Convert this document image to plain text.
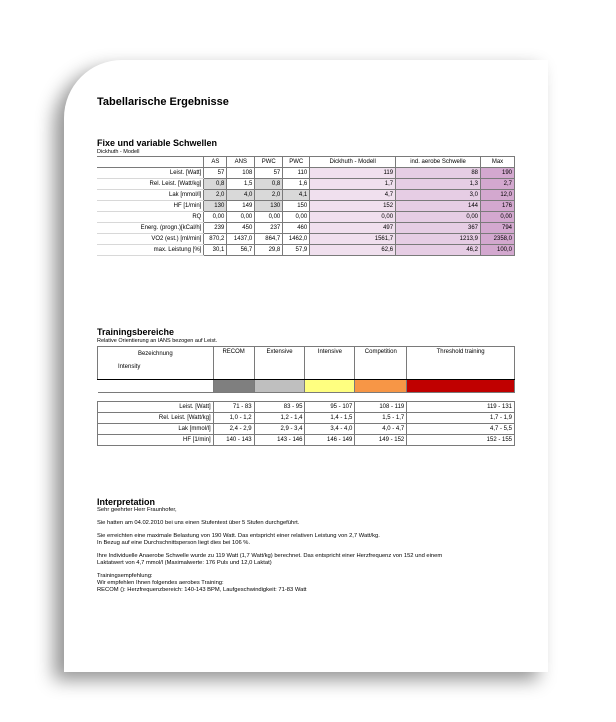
Tabellarische Ergebnisse
Fixe und variable Schwellen
Dickhuth - Modell
	AS	ANS	PWC	PWC	Dickhuth - Modell	ind. aerobe Schwelle	Max
Leist. [Watt]	57	108	57	110	119	88	190
Rel. Leist. [Watt/kg]	0,8	1,5	0,8	1,6	1,7	1,3	2,7
Lak [mmol/l]	2,0	4,0	2,0	4,1	4,7	3,0	12,0
HF [1/min]	130	149	130	150	152	144	176
RQ	0,00	0,00	0,00	0,00	0,00	0,00	0,00
Energ. (progn.)[kCal/h]	239	450	237	460	497	367	794
VO2 (est.) [ml/min]	870,2	1437,0	864,7	1462,0	1561,7	1213,9	2358,0
max. Leistung [%]	30,1	56,7	29,8	57,9	62,6	46,2	100,0
Trainingsbereiche
Relative Orientierung an IANS bezogen auf Leist.
Bezeichnung
Intensity	RECOM	Extensive	Intensive	Competition	Threshold training

Leist. [Watt]	71 - 83	83 - 95	95 - 107	108 - 119	119 - 131
Rel. Leist. [Watt/kg]	1,0 - 1,2	1,2 - 1,4	1,4 - 1,5	1,5 - 1,7	1,7 - 1,9
Lak [mmol/l]	2,4 - 2,9	2,9 - 3,4	3,4 - 4,0	4,0 - 4,7	4,7 - 5,5
HF [1/min]	140 - 143	143 - 146	146 - 149	149 - 152	152 - 155
Interpretation

Sehr geehrter Herr Fraunhofer,

Sie hatten am 04.02.2010 bei uns einen Stufentest über 5 Stufen durchgeführt.

Sie erreichten eine maximale Belastung von 190 Watt. Das entspricht einer relativen Leistung von 2,7 Watt/kg.
In Bezug auf eine Durchschnittsperson liegt dies bei 106 %.

Ihre Individuelle Anaerobe Schwelle wurde zu 119 Watt (1,7 Watt/kg) berechnet. Das entspricht einer Herzfrequenz von 152 und einem
Laktatwert von 4,7 mmol/l (Maximalwerte: 176 Puls und 12,0 Laktat)

Trainingsempfehlung:
Wir empfehlen Ihnen folgendes aerobes Training:
RECOM (): Herzfrequenzbereich: 140-143 BPM, Laufgeschwindigkeit: 71-83 Watt
